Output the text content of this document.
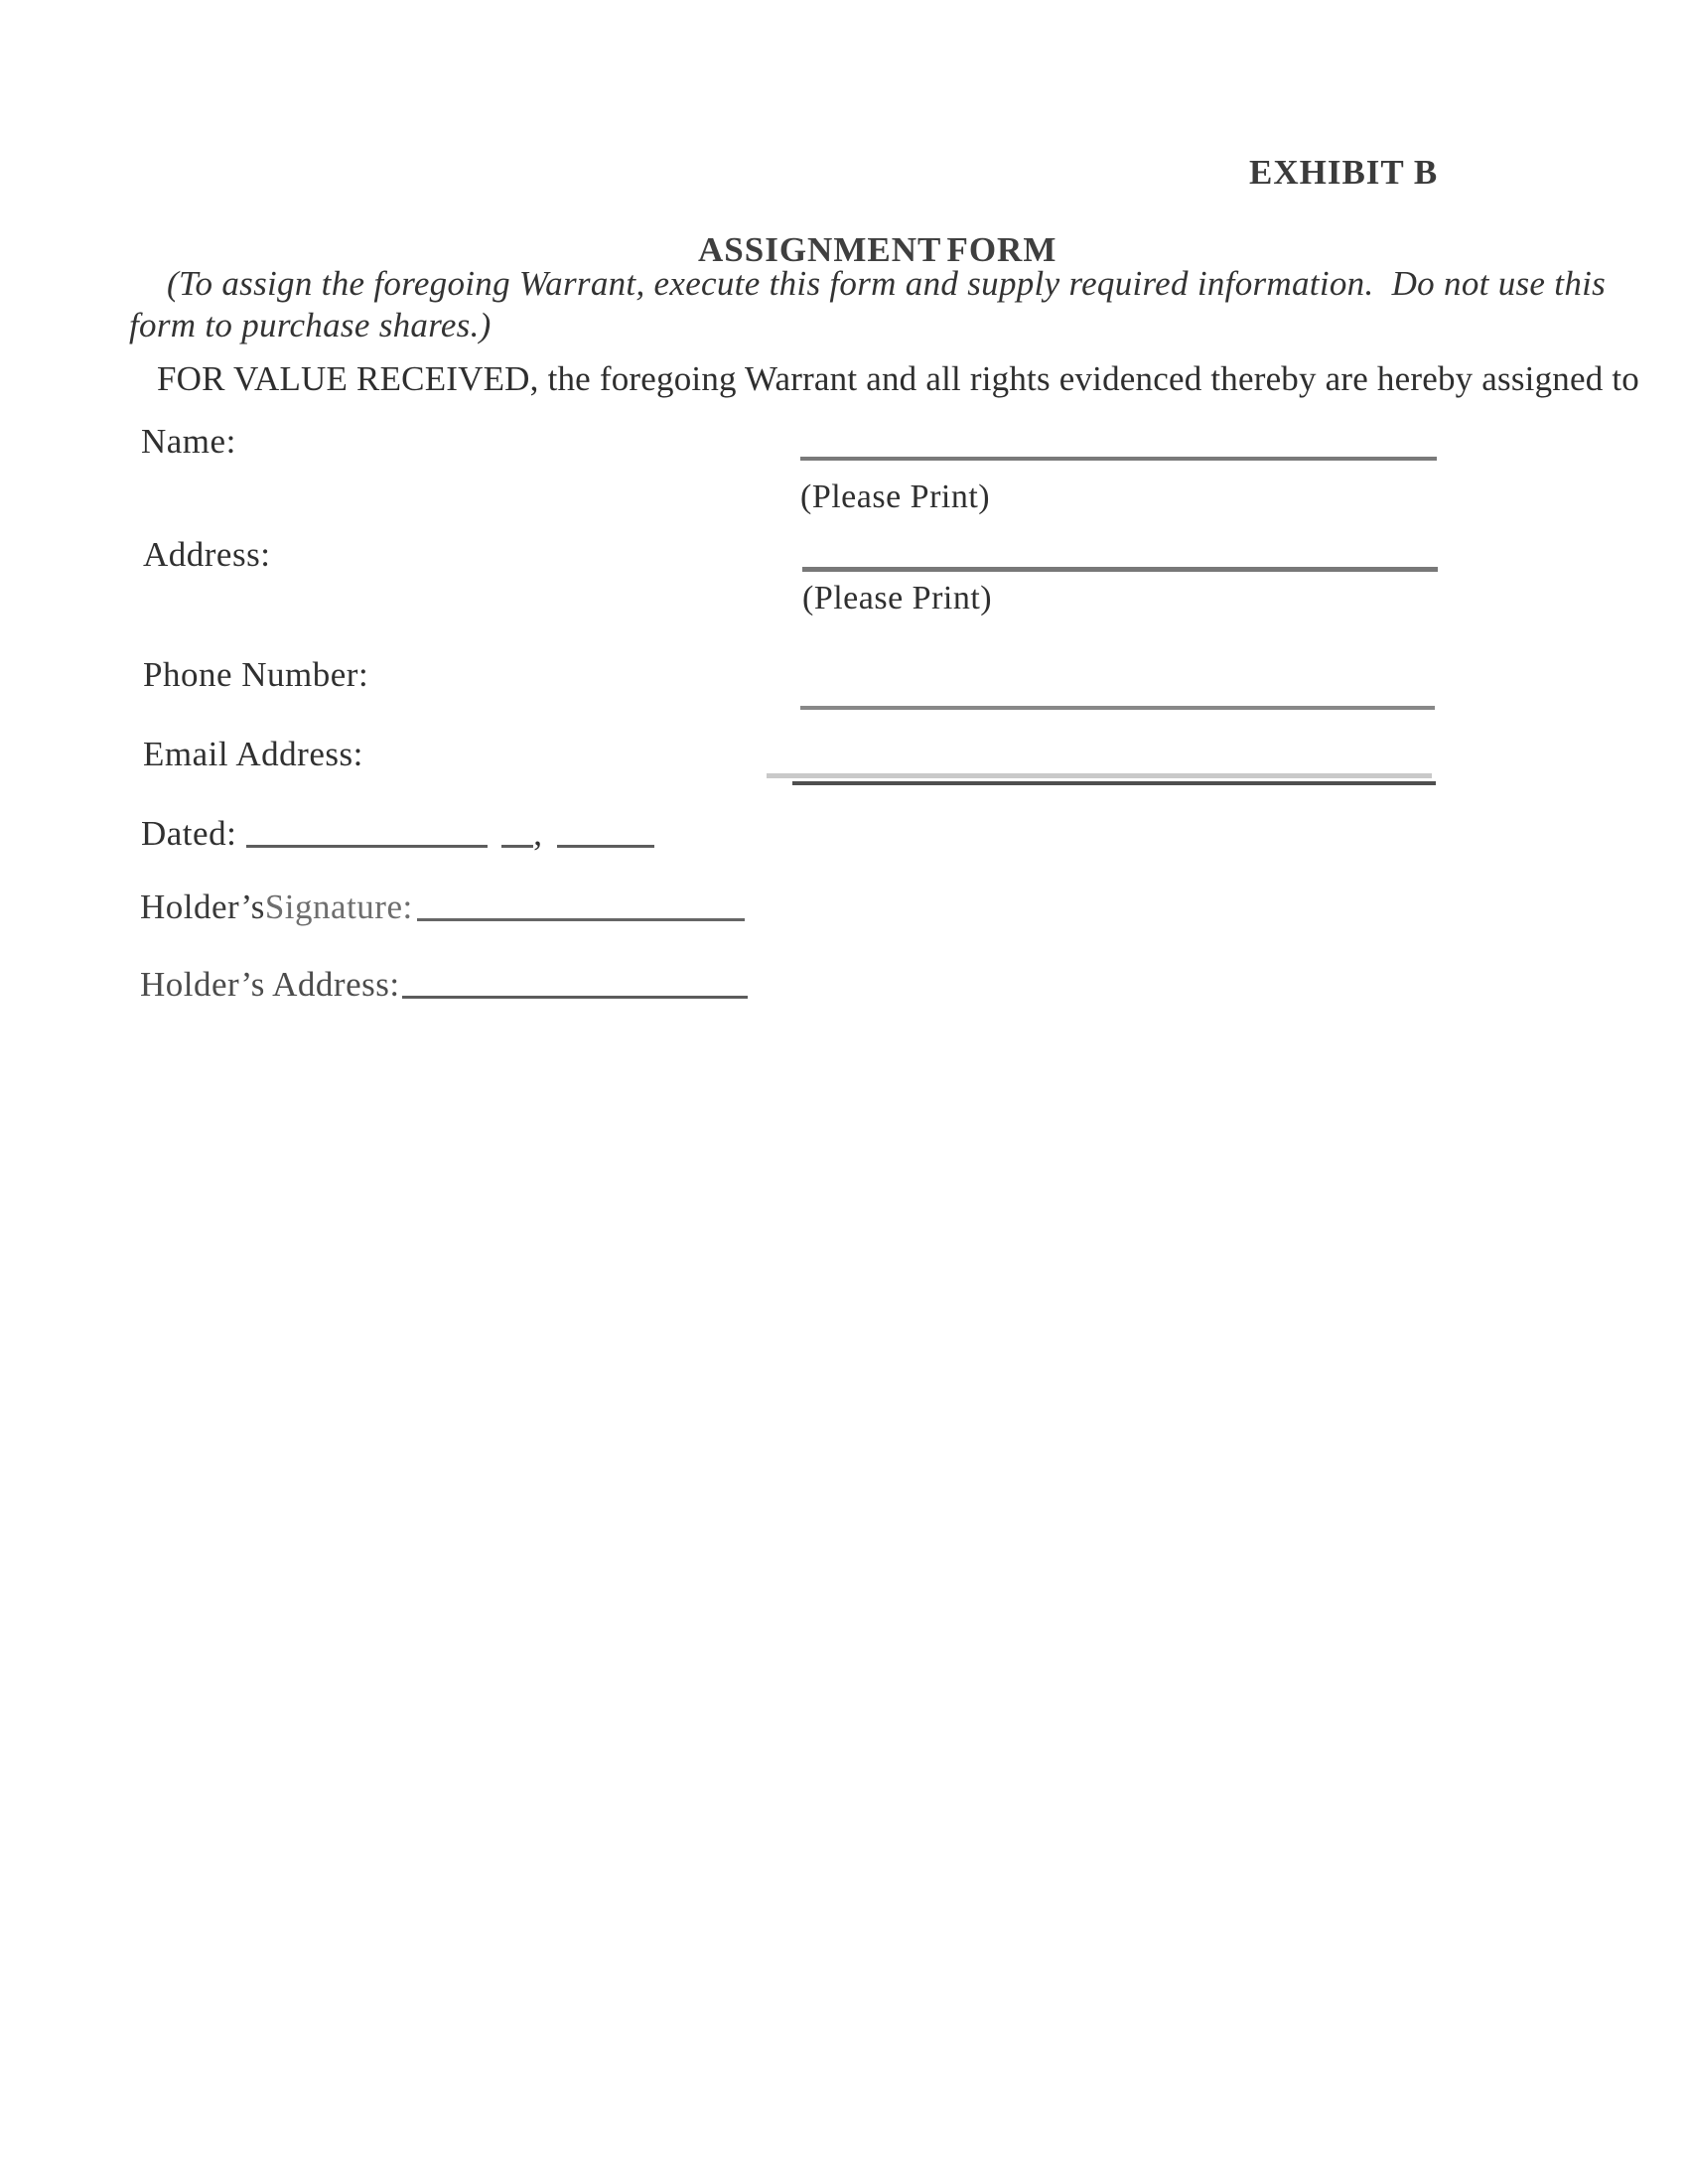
EXHIBIT B
ASSIGNMENT FORM
(To assign the foregoing Warrant, execute this form and supply required information.  Do not use this
form to purchase shares.)
FOR VALUE RECEIVED, the foregoing Warrant and all rights evidenced thereby are hereby assigned to
Name:
(Please Print)
Address:
(Please Print)
Phone Number:
Email Address:
Dated:	,
Holder’s Signature:
Holder’s Address:
